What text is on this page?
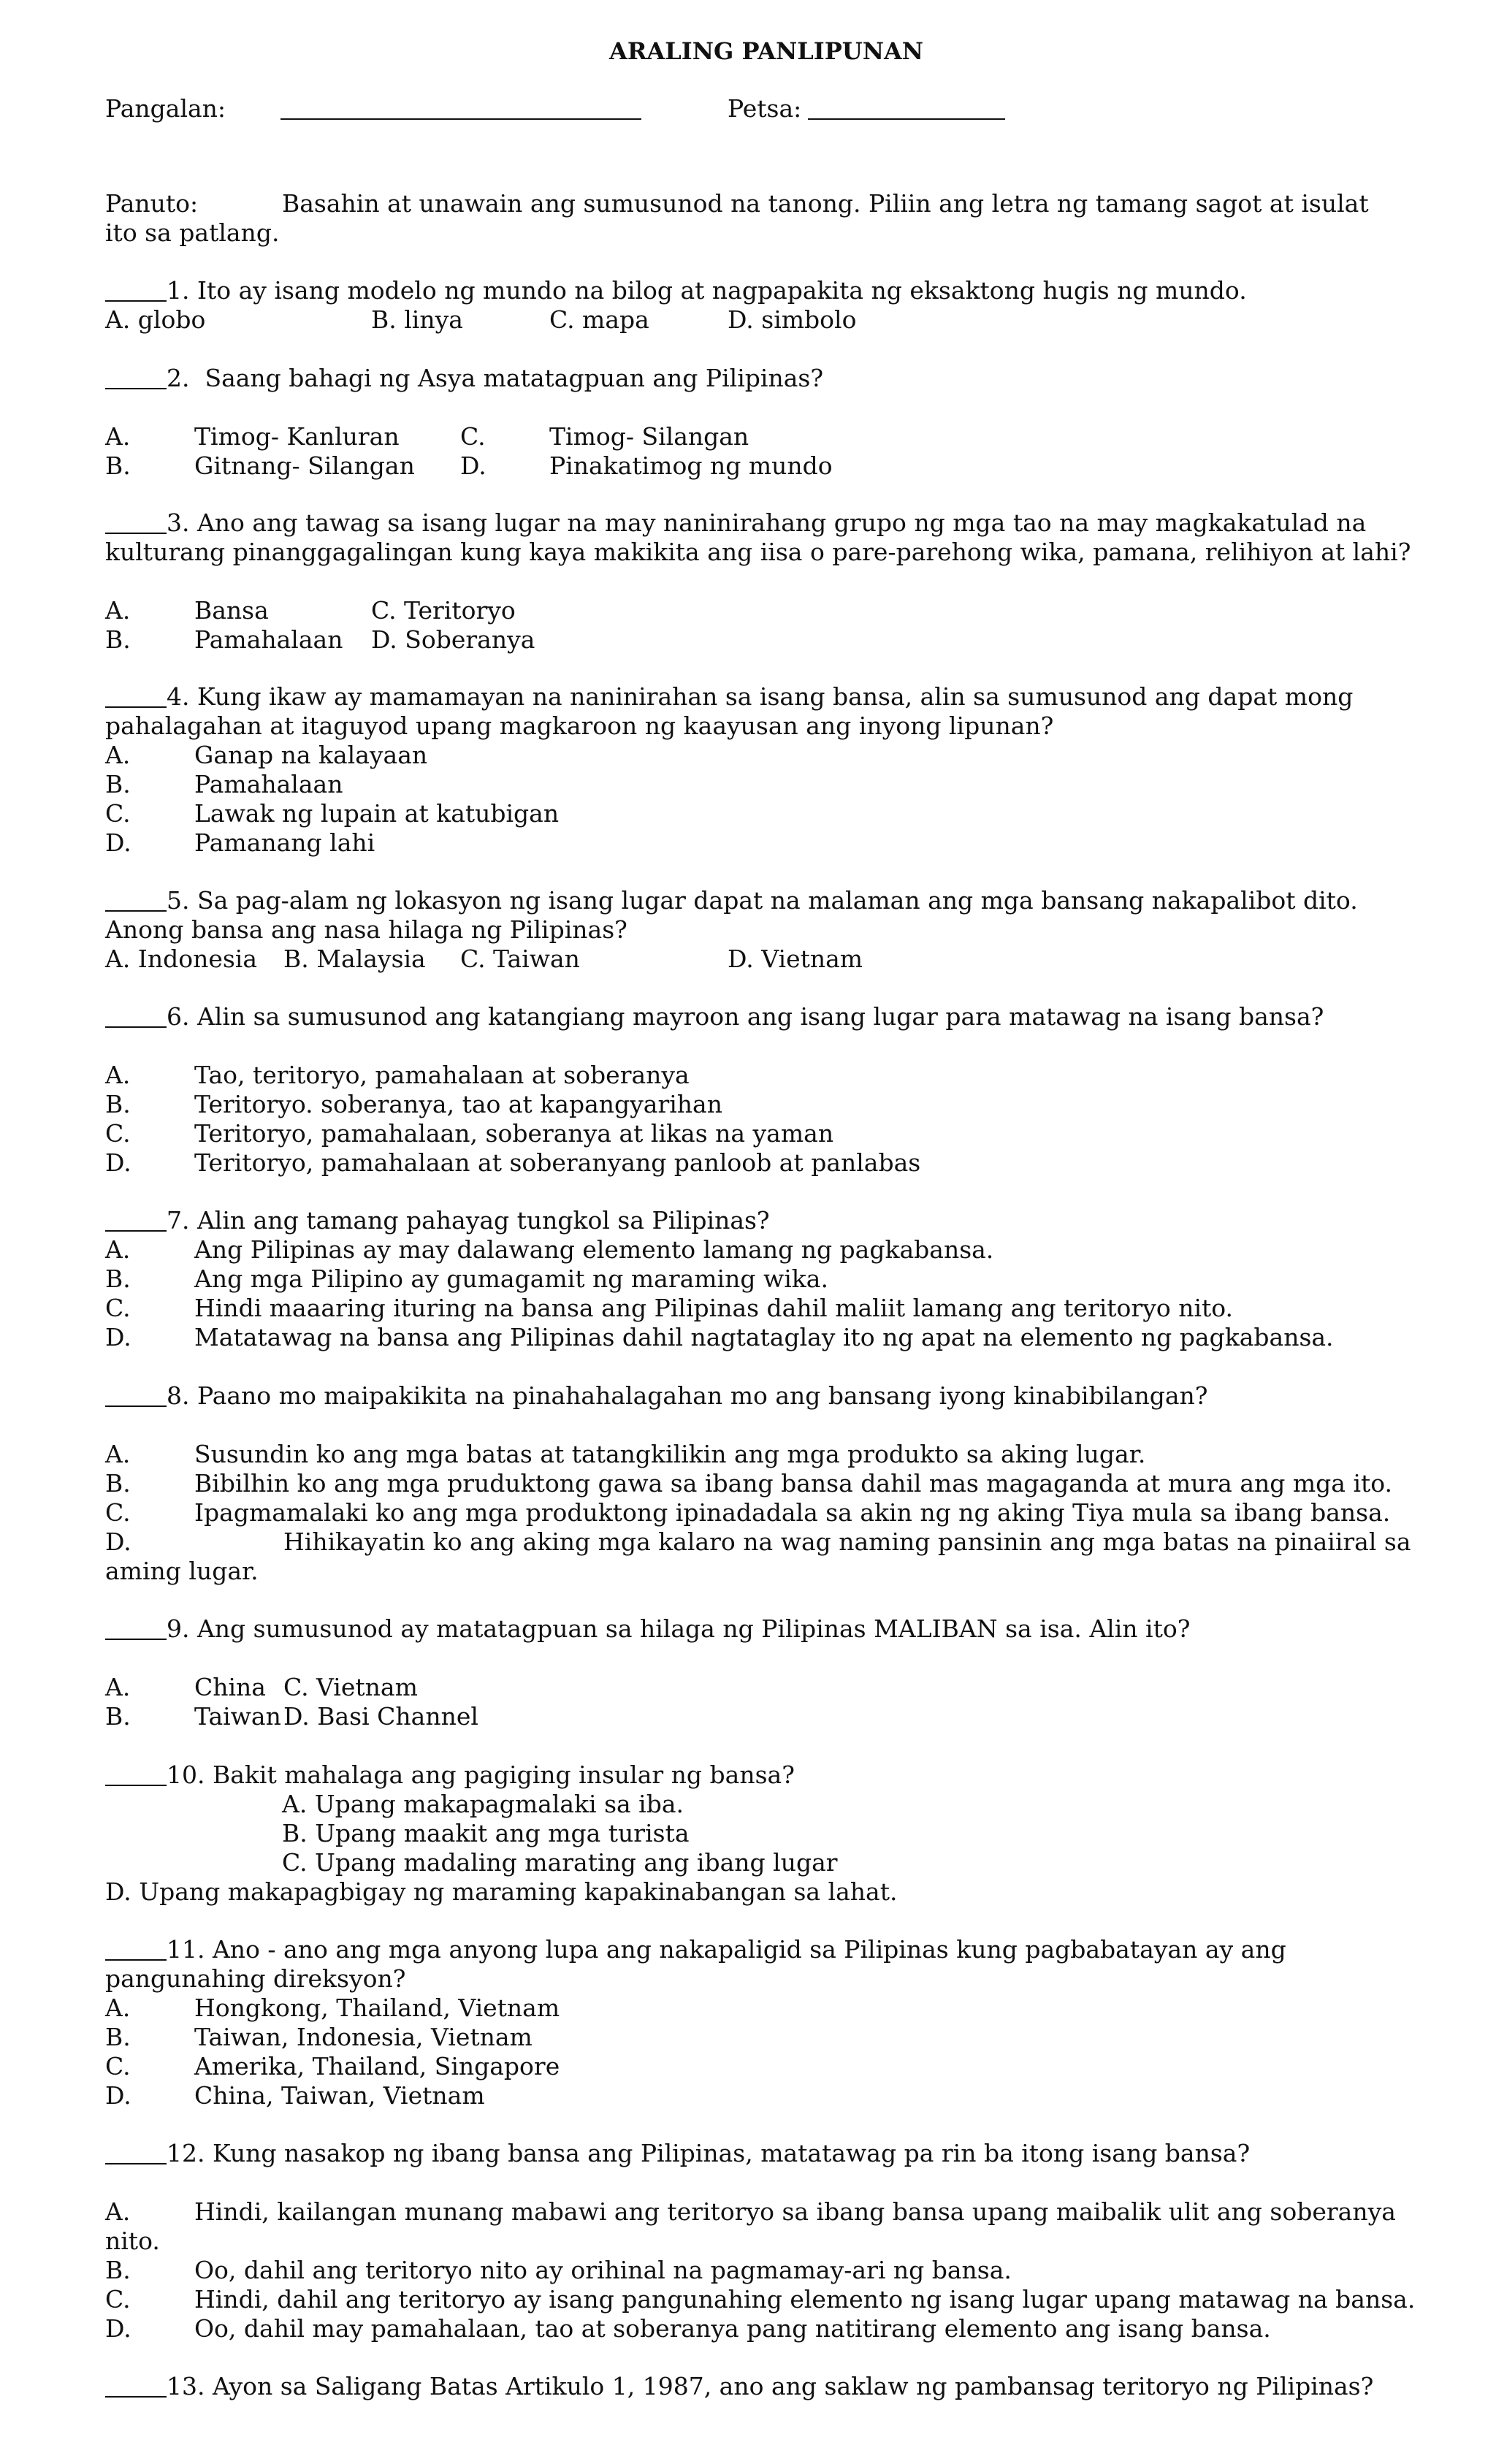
ARALING PANLIPUNAN
Pangalan:	Petsa:
Panuto:	Basahin at unawain ang sumusunod na tanong. Piliin ang letra ng tamang sagot at isulat
ito sa patlang.
1. Ito ay isang modelo ng mundo na bilog at nagpapakita ng eksaktong hugis ng mundo.
A. globo	B. linya	C. mapa	D. simbolo
2.  Saang bahagi ng Asya matatagpuan ang Pilipinas?
A.	Timog- Kanluran	C.	Timog- Silangan
B.	Gitnang- Silangan D.	Pinakatimog ng mundo
3. Ano ang tawag sa isang lugar na may naninirahang grupo ng mga tao na may magkakatulad na
kulturang pinanggagalingan kung kaya makikita ang iisa o pare-parehong wika, pamana, relihiyon at lahi?
A.	Bansa	C. Teritoryo
B.	Pamahalaan D. Soberanya
4. Kung ikaw ay mamamayan na naninirahan sa isang bansa, alin sa sumusunod ang dapat mong
pahalagahan at itaguyod upang magkaroon ng kaayusan ang inyong lipunan?
A.	Ganap na kalayaan
B.	Pamahalaan
C.	Lawak ng lupain at katubigan
D.	Pamanang lahi
5. Sa pag-alam ng lokasyon ng isang lugar dapat na malaman ang mga bansang nakapalibot dito.
Anong bansa ang nasa hilaga ng Pilipinas?
A. Indonesia B. Malaysia C. Taiwan	D. Vietnam
6. Alin sa sumusunod ang katangiang mayroon ang isang lugar para matawag na isang bansa?
A.	Tao, teritoryo, pamahalaan at soberanya
B.	Teritoryo. soberanya, tao at kapangyarihan
C.	Teritoryo, pamahalaan, soberanya at likas na yaman
D.	Teritoryo, pamahalaan at soberanyang panloob at panlabas
7. Alin ang tamang pahayag tungkol sa Pilipinas?
A.	Ang Pilipinas ay may dalawang elemento lamang ng pagkabansa.
B.	Ang mga Pilipino ay gumagamit ng maraming wika.
C.	Hindi maaaring ituring na bansa ang Pilipinas dahil maliit lamang ang teritoryo nito.
D.	Matatawag na bansa ang Pilipinas dahil nagtataglay ito ng apat na elemento ng pagkabansa.
8. Paano mo maipakikita na pinahahalagahan mo ang bansang iyong kinabibilangan?
A.	Susundin ko ang mga batas at tatangkilikin ang mga produkto sa aking lugar.
B.	Bibilhin ko ang mga pruduktong gawa sa ibang bansa dahil mas magaganda at mura ang mga ito.
C.	Ipagmamalaki ko ang mga produktong ipinadadala sa akin ng ng aking Tiya mula sa ibang bansa.
D.	Hihikayatin ko ang aking mga kalaro na wag naming pansinin ang mga batas na pinaiiral sa
aming lugar.
9. Ang sumusunod ay matatagpuan sa hilaga ng Pilipinas MALIBAN sa isa. Alin ito?
A.	China C. Vietnam
B.	Taiwan D. Basi Channel
10. Bakit mahalaga ang pagiging insular ng bansa?
A. Upang makapagmalaki sa iba.
B. Upang maakit ang mga turista
C. Upang madaling marating ang ibang lugar
D. Upang makapagbigay ng maraming kapakinabangan sa lahat.
11. Ano - ano ang mga anyong lupa ang nakapaligid sa Pilipinas kung pagbabatayan ay ang
pangunahing direksyon?
A.	Hongkong, Thailand, Vietnam
B.	Taiwan, Indonesia, Vietnam
C.	Amerika, Thailand, Singapore
D.	China, Taiwan, Vietnam
12. Kung nasakop ng ibang bansa ang Pilipinas, matatawag pa rin ba itong isang bansa?
A.	Hindi, kailangan munang mabawi ang teritoryo sa ibang bansa upang maibalik ulit ang soberanya
nito.
B.	Oo, dahil ang teritoryo nito ay orihinal na pagmamay-ari ng bansa.
C.	Hindi, dahil ang teritoryo ay isang pangunahing elemento ng isang lugar upang matawag na bansa.
D.	Oo, dahil may pamahalaan, tao at soberanya pang natitirang elemento ang isang bansa.
13. Ayon sa Saligang Batas Artikulo 1, 1987, ano ang saklaw ng pambansag teritoryo ng Pilipinas?
